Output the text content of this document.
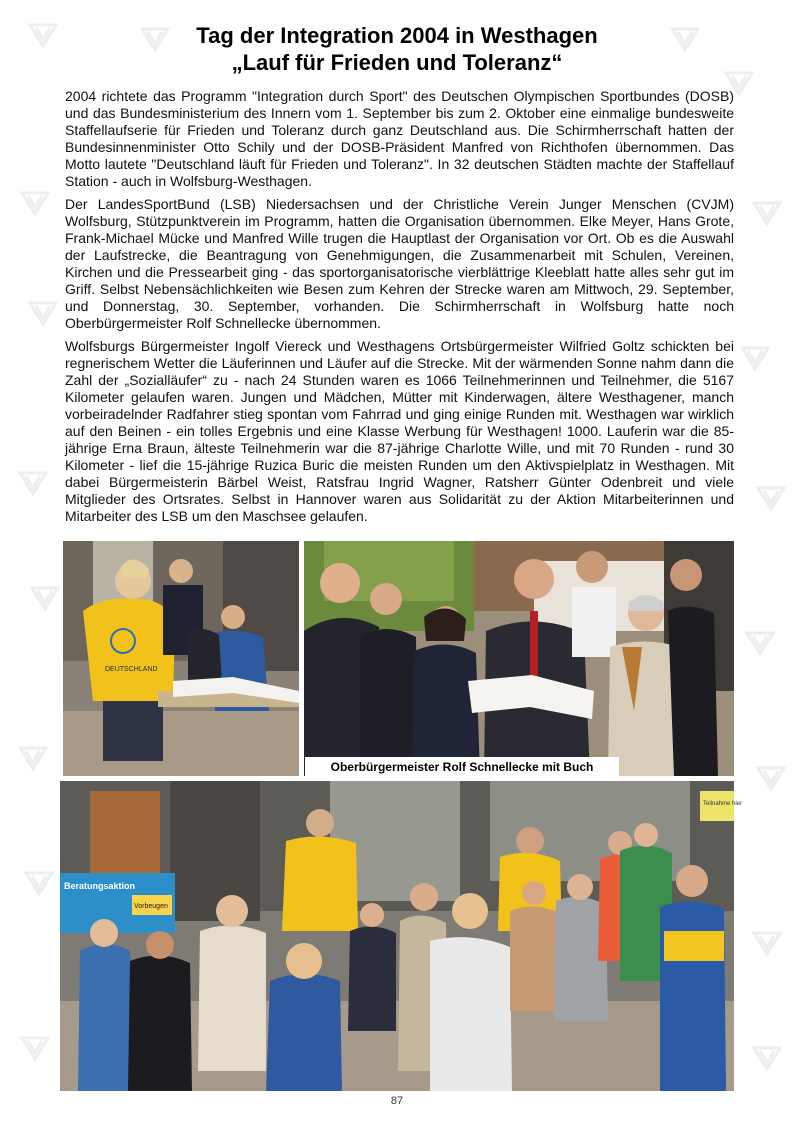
Tag der Integration 2004 in Westhagen
„Lauf für Frieden und Toleranz“

2004 richtete das Programm "Integration durch Sport" des Deutschen Olympischen Sportbundes (DOSB) und das Bundesministerium des Innern vom 1. September bis zum 2. Oktober eine einmalige bundesweite Staffellaufserie für Frieden und Toleranz durch ganz Deutschland aus. Die Schirmherrschaft hatten der Bundesinnenminister Otto Schily und der DOSB-Präsident Manfred von Richthofen übernommen. Das Motto lautete "Deutschland läuft für Frieden und Toleranz". In 32 deutschen Städten machte der Staffellauf Station - auch in Wolfsburg-Westhagen.

Der LandesSportBund (LSB) Niedersachsen und der Christliche Verein Junger Menschen (CVJM) Wolfsburg, Stützpunktverein im Programm, hatten die Organisation übernommen. Elke Meyer, Hans Grote, Frank-Michael Mücke und Manfred Wille trugen die Hauptlast der Organisation vor Ort. Ob es die Auswahl der Laufstrecke, die Beantragung von Genehmigungen, die Zusammenarbeit mit Schulen, Vereinen, Kirchen und die Pressearbeit ging - das sportorganisatorische vierblättrige Kleeblatt hatte alles sehr gut im Griff. Selbst Nebensächlichkeiten wie Besen zum Kehren der Strecke waren am Mittwoch, 29. September, und Donnerstag, 30. September, vorhanden. Die Schirmherrschaft in Wolfsburg hatte noch Oberbürgermeister Rolf Schnellecke übernommen.

Wolfsburgs Bürgermeister Ingolf Viereck und Westhagens Ortsbürgermeister Wilfried Goltz schickten bei regnerischem Wetter die Läuferinnen und Läufer auf die Strecke. Mit der wärmenden Sonne nahm dann die Zahl der „Sozialläufer“ zu - nach 24 Stunden waren es 1066 Teilnehmerinnen und Teilnehmer, die 5167 Kilometer gelaufen waren. Jungen und Mädchen, Mütter mit Kinderwagen, ältere Westhagener, manch vorbeiradelnder Radfahrer stieg spontan vom Fahrrad und ging einige Runden mit. Westhagen war wirklich auf den Beinen - ein tolles Ergebnis und eine Klasse Werbung für Westhagen! 1000. Lauferin war die 85-jährige Erna Braun, älteste Teilnehmerin war die 87-jährige Charlotte Wille, und mit 70 Runden - rund 30 Kilometer - lief die 15-jährige Ruzica Buric die meisten Runden um den Aktivspielplatz in Westhagen. Mit dabei Bürgermeisterin Bärbel Weist, Ratsfrau Ingrid Wagner, Ratsherr Günter Odenbreit und viele Mitglieder des Ortsrates. Selbst in Hannover waren aus Solidarität zu der Aktion Mitarbeiterinnen und Mitarbeiter des LSB um den Maschsee gelaufen.

DEUTSCHLAND
Oberbürgermeister Rolf Schnellecke mit Buch
Teilnahme hier
Beratungsaktion
Vorbeugen
87
